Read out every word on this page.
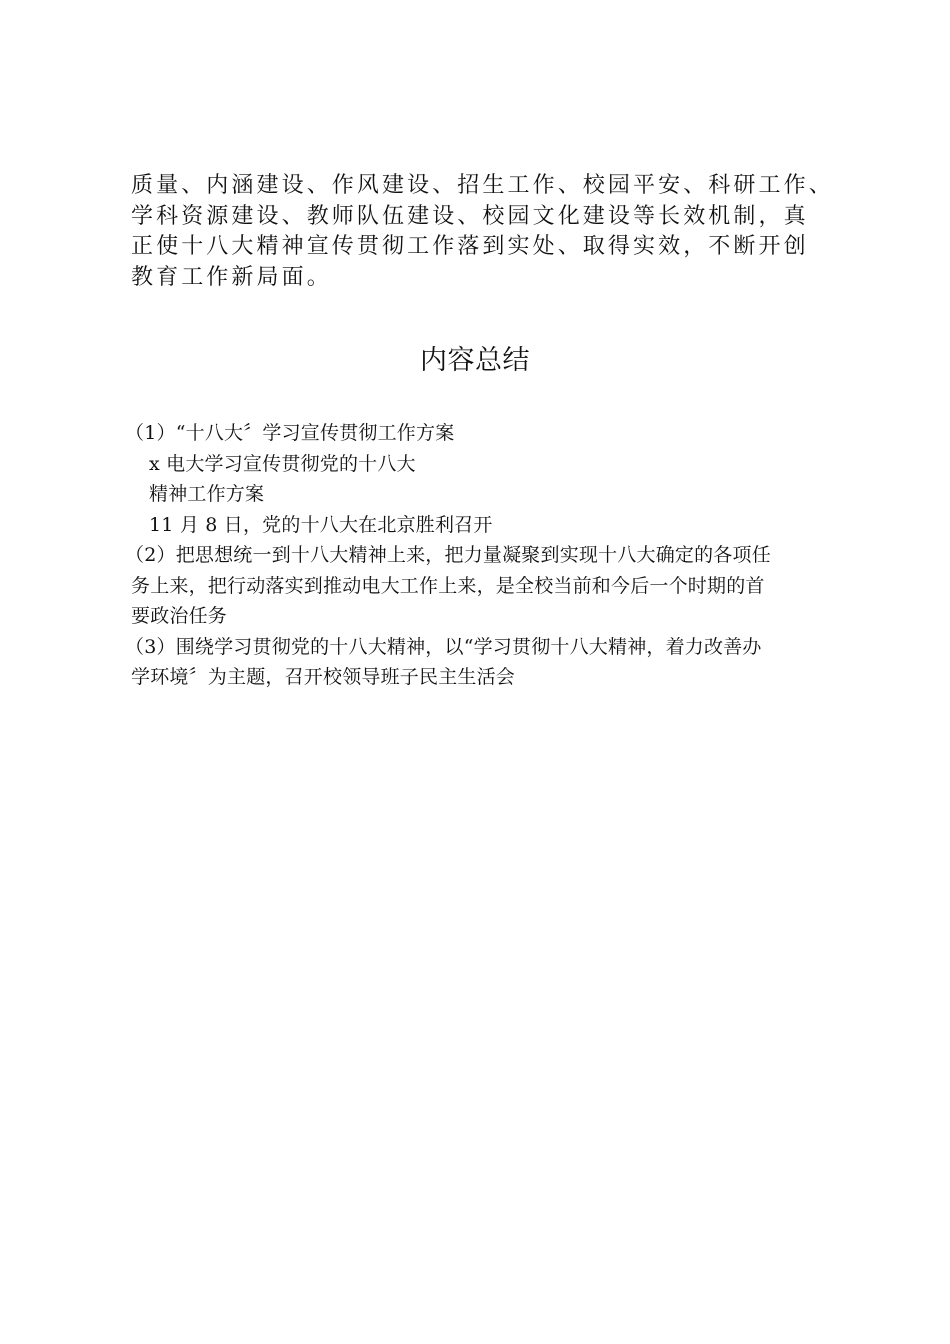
质量、内涵建设、作风建设、招生工作、校园平安、科研工作、
学科资源建设、教师队伍建设、校园文化建设等长效机制，真
正使十八大精神宣传贯彻工作落到实处、取得实效，不断开创
教育工作新局面。

内容总结
（1）“十八大〞学习宣传贯彻工作方案
x 电大学习宣传贯彻党的十八大
精神工作方案
11 月 8 日，党的十八大在北京胜利召开
（2）把思想统一到十八大精神上来，把力量凝聚到实现十八大确定的各项任
务上来，把行动落实到推动电大工作上来，是全校当前和今后一个时期的首
要政治任务
（3）围绕学习贯彻党的十八大精神，以“学习贯彻十八大精神，着力改善办
学环境〞为主题，召开校领导班子民主生活会
